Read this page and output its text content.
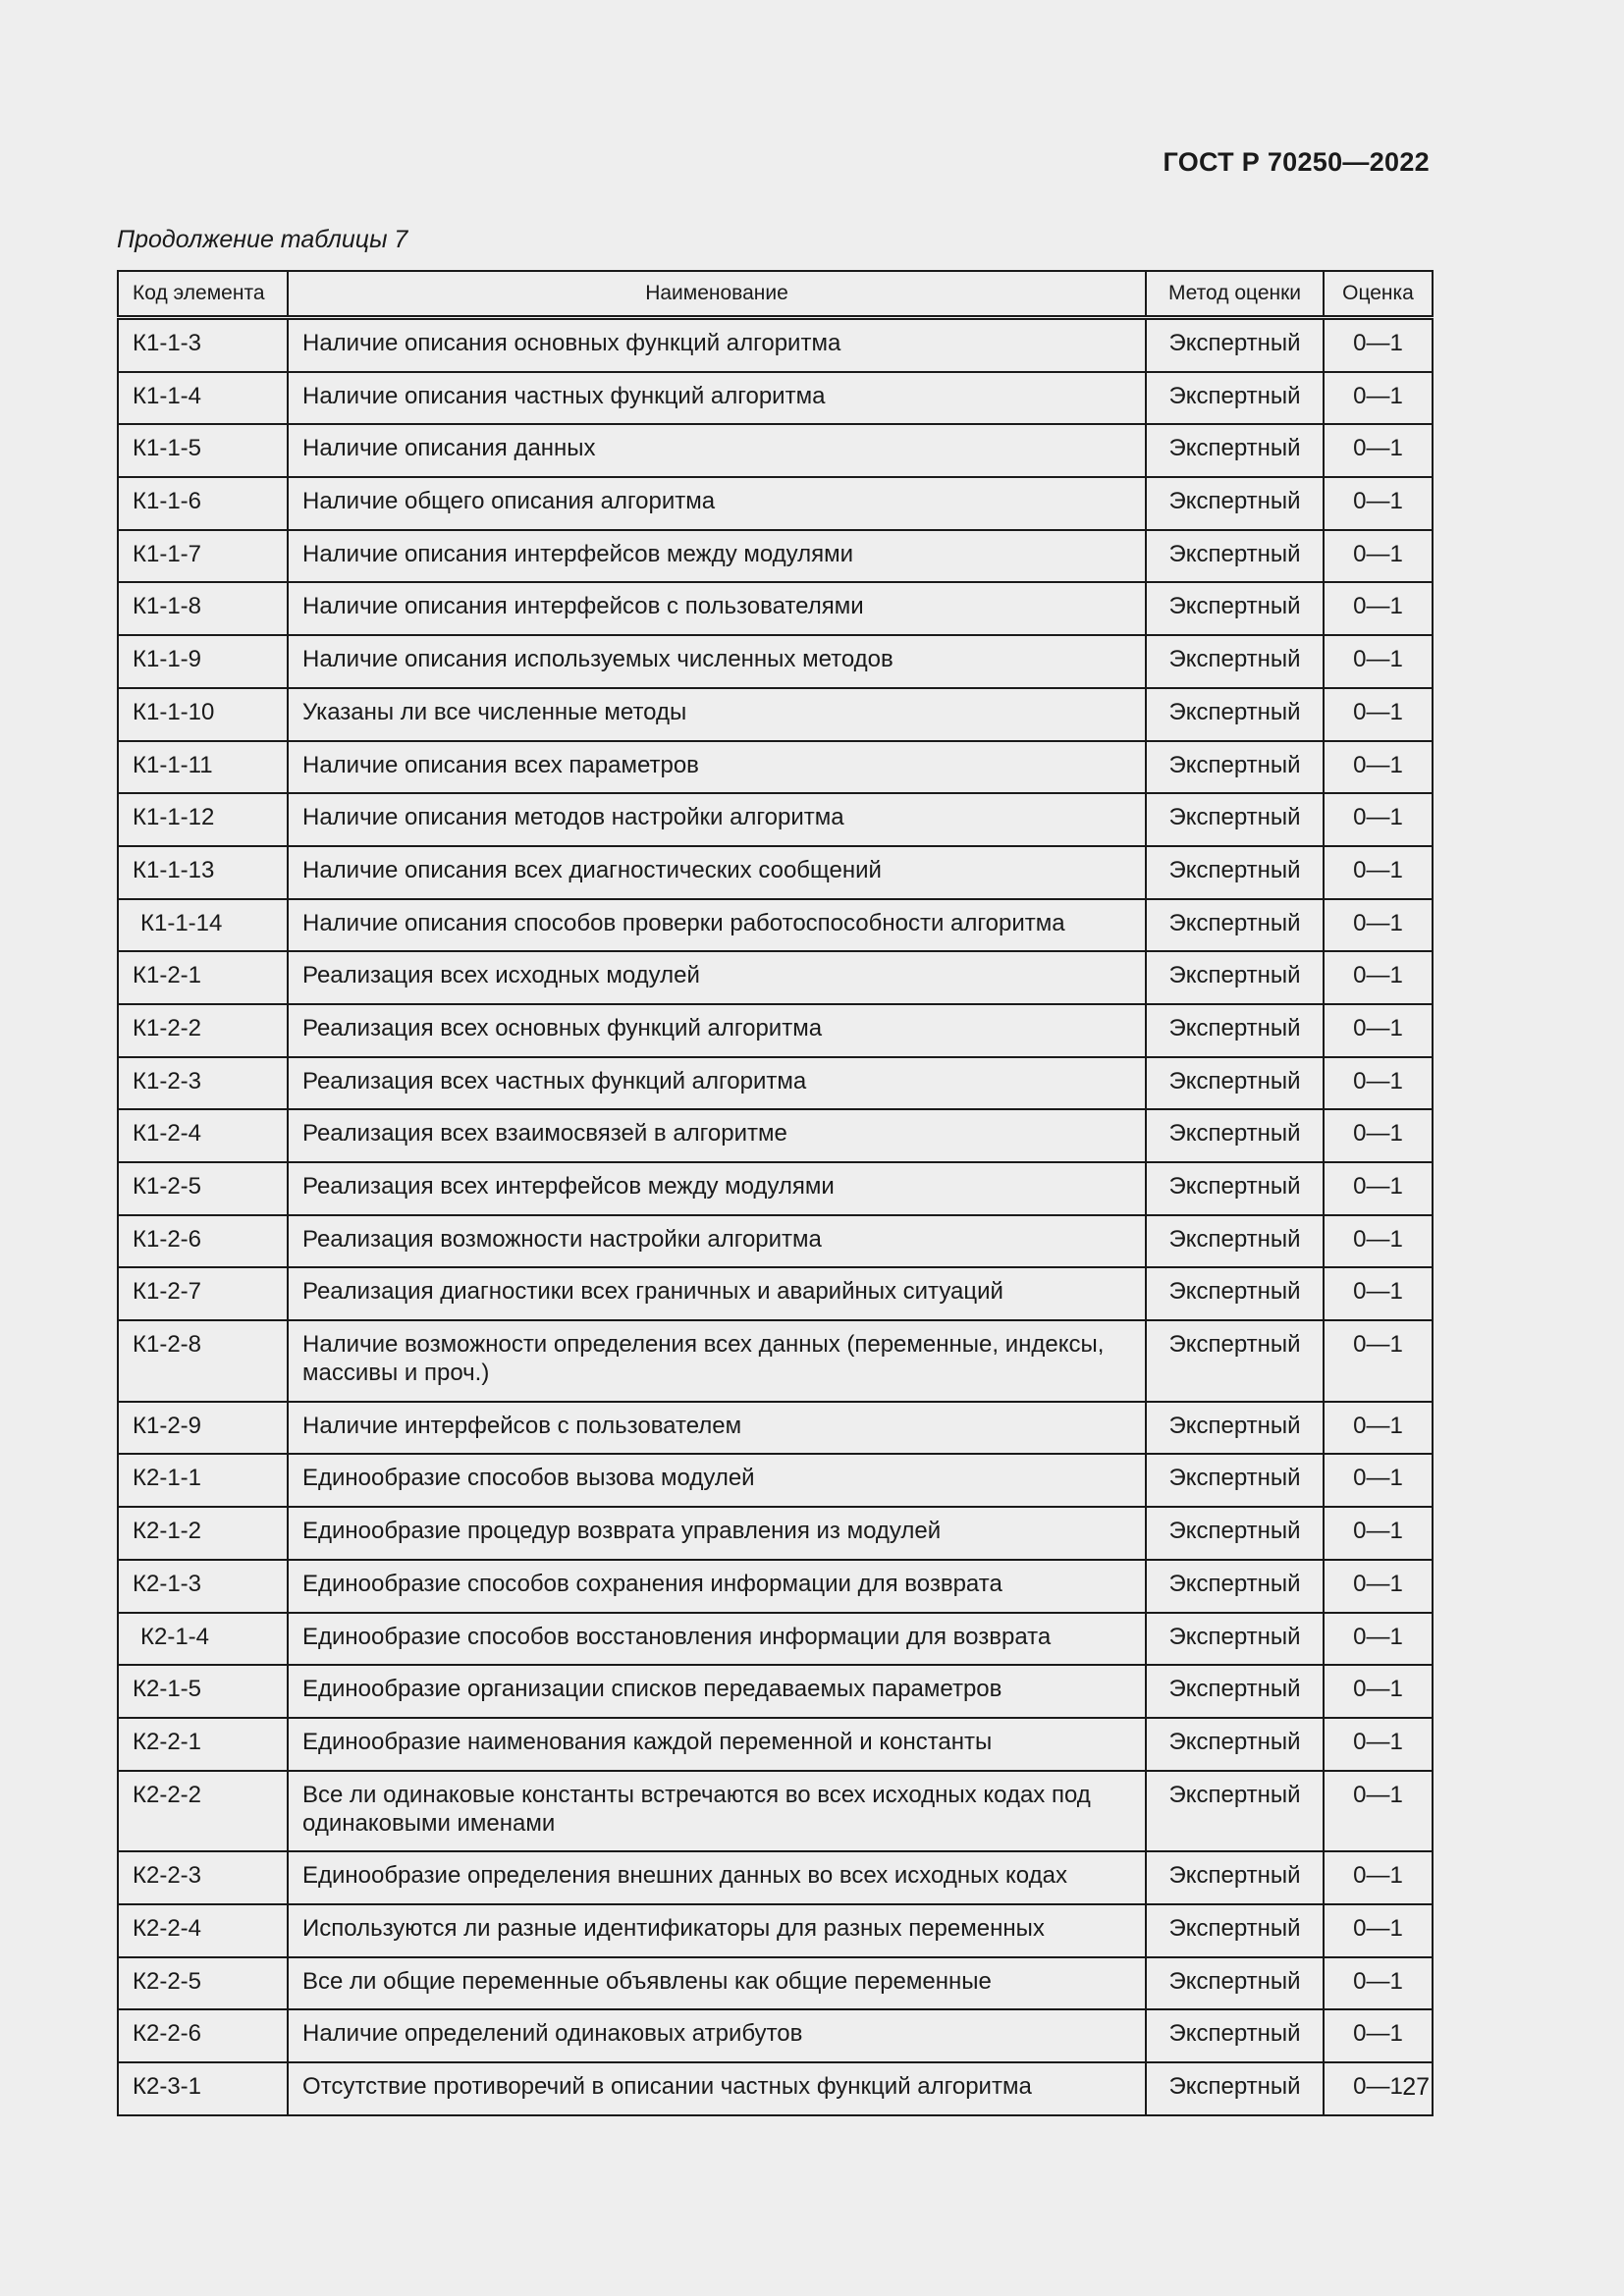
ГОСТ Р 70250—2022
Продолжение таблицы 7
Код элемента	Наименование	Метод оценки	Оценка
К1-1-3	Наличие описания основных функций алгоритма	Экспертный	0—1
К1-1-4	Наличие описания частных функций алгоритма	Экспертный	0—1
К1-1-5	Наличие описания данных	Экспертный	0—1
К1-1-6	Наличие общего описания алгоритма	Экспертный	0—1
К1-1-7	Наличие описания интерфейсов между модулями	Экспертный	0—1
К1-1-8	Наличие описания интерфейсов с пользователями	Экспертный	0—1
К1-1-9	Наличие описания используемых численных методов	Экспертный	0—1
К1-1-10	Указаны ли все численные методы	Экспертный	0—1
К1-1-11	Наличие описания всех параметров	Экспертный	0—1
К1-1-12	Наличие описания методов настройки алгоритма	Экспертный	0—1
К1-1-13	Наличие описания всех диагностических сообщений	Экспертный	0—1
К1-1-14	Наличие описания способов проверки работоспособности алгоритма	Экспертный	0—1
К1-2-1	Реализация всех исходных модулей	Экспертный	0—1
К1-2-2	Реализация всех основных функций алгоритма	Экспертный	0—1
К1-2-3	Реализация всех частных функций алгоритма	Экспертный	0—1
К1-2-4	Реализация всех взаимосвязей в алгоритме	Экспертный	0—1
К1-2-5	Реализация всех интерфейсов между модулями	Экспертный	0—1
К1-2-6	Реализация возможности настройки алгоритма	Экспертный	0—1
К1-2-7	Реализация диагностики всех граничных и аварийных ситуаций	Экспертный	0—1
К1-2-8	Наличие возможности определения всех данных (переменные, индексы, массивы и проч.)	Экспертный	0—1
К1-2-9	Наличие интерфейсов с пользователем	Экспертный	0—1
К2-1-1	Единообразие способов вызова модулей	Экспертный	0—1
К2-1-2	Единообразие процедур возврата управления из модулей	Экспертный	0—1
К2-1-3	Единообразие способов сохранения информации для возврата	Экспертный	0—1
К2-1-4	Единообразие способов восстановления информации для возврата	Экспертный	0—1
К2-1-5	Единообразие организации списков передаваемых параметров	Экспертный	0—1
К2-2-1	Единообразие наименования каждой переменной и константы	Экспертный	0—1
К2-2-2	Все ли одинаковые константы встречаются во всех исходных кодах под одинаковыми именами	Экспертный	0—1
К2-2-3	Единообразие определения внешних данных во всех исходных кодах	Экспертный	0—1
К2-2-4	Используются ли разные идентификаторы для разных переменных	Экспертный	0—1
К2-2-5	Все ли общие переменные объявлены как общие переменные	Экспертный	0—1
К2-2-6	Наличие определений одинаковых атрибутов	Экспертный	0—1
К2-3-1	Отсутствие противоречий в описании частных функций алгоритма	Экспертный	0—1 27
